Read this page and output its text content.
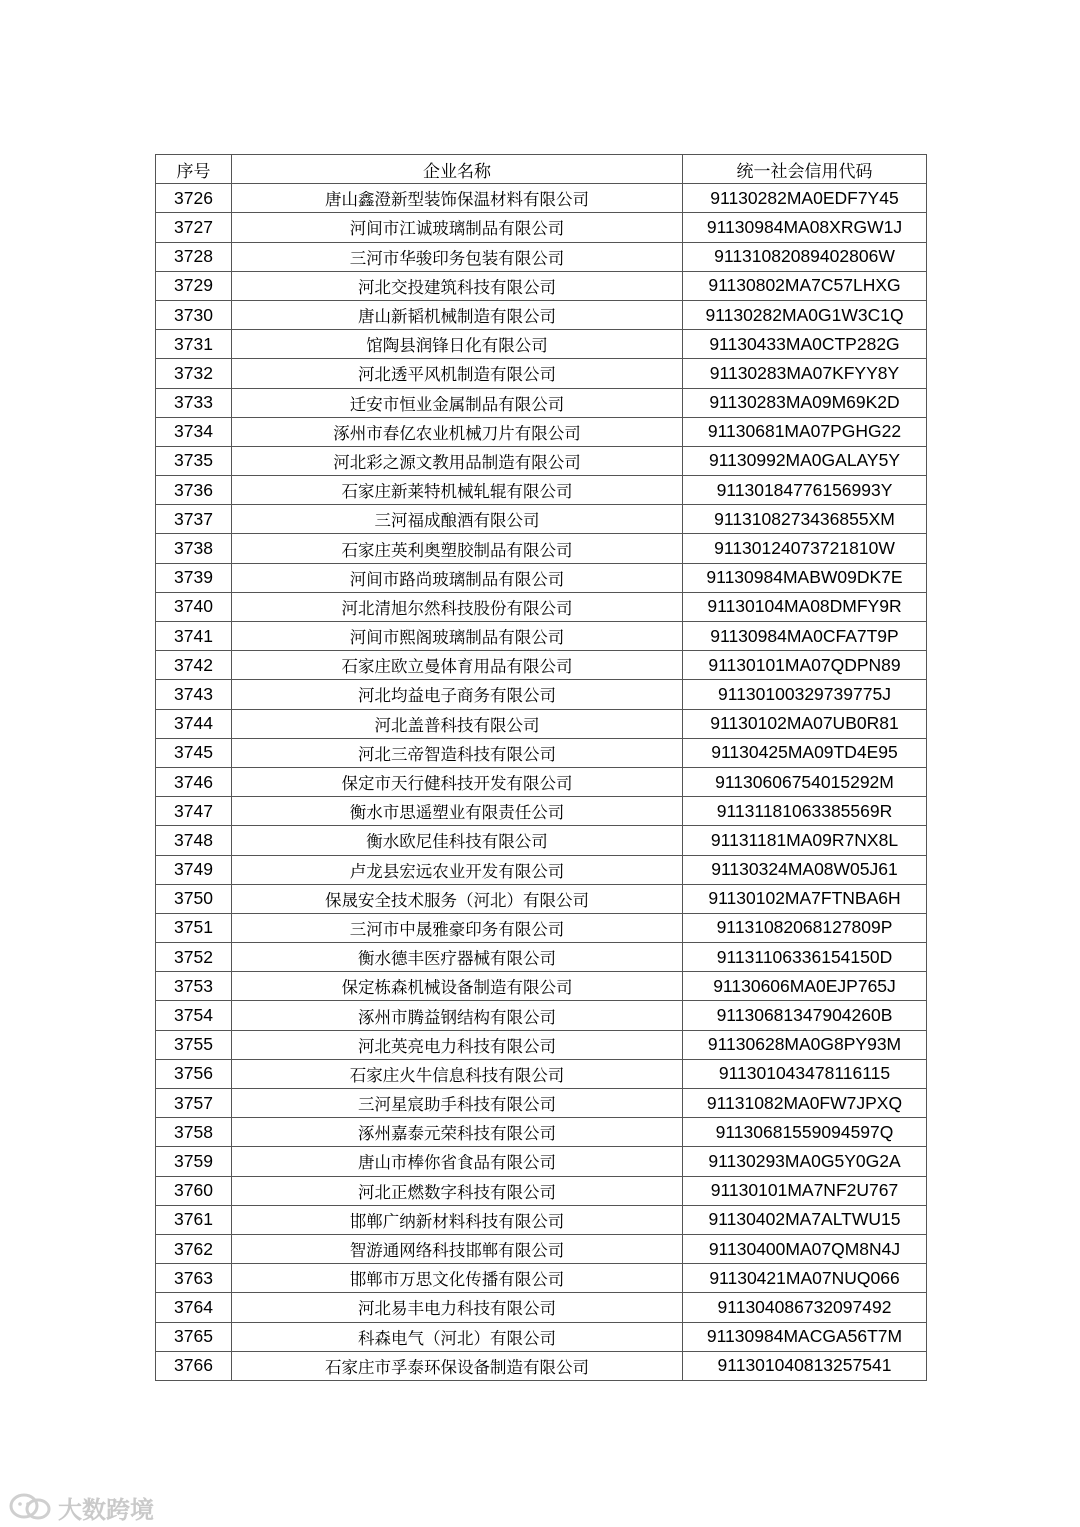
序号	企业名称	统一社会信用代码
3726	唐山鑫澄新型装饰保温材料有限公司	91130282MA0EDF7Y45
3727	河间市江诚玻璃制品有限公司	91130984MA08XRGW1J
3728	三河市华骏印务包装有限公司	91131082089402806W
3729	河北交投建筑科技有限公司	91130802MA7C57LHXG
3730	唐山新韬机械制造有限公司	91130282MA0G1W3C1Q
3731	馆陶县润锋日化有限公司	91130433MA0CTP282G
3732	河北透平风机制造有限公司	91130283MA07KFYY8Y
3733	迁安市恒业金属制品有限公司	91130283MA09M69K2D
3734	涿州市春亿农业机械刀片有限公司	91130681MA07PGHG22
3735	河北彩之源文教用品制造有限公司	91130992MA0GALAY5Y
3736	石家庄新莱特机械轧辊有限公司	91130184776156993Y
3737	三河福成酿酒有限公司	9113108273436855XM
3738	石家庄英利奥塑胶制品有限公司	91130124073721810W
3739	河间市路尚玻璃制品有限公司	91130984MABW09DK7E
3740	河北清旭尔然科技股份有限公司	91130104MA08DMFY9R
3741	河间市熙阁玻璃制品有限公司	91130984MA0CFA7T9P
3742	石家庄欧立曼体育用品有限公司	91130101MA07QDPN89
3743	河北均益电子商务有限公司	91130100329739775J
3744	河北盖普科技有限公司	91130102MA07UB0R81
3745	河北三帝智造科技有限公司	91130425MA09TD4E95
3746	保定市天行健科技开发有限公司	91130606754015292M
3747	衡水市思遥塑业有限责任公司	91131181063385569R
3748	衡水欧尼佳科技有限公司	91131181MA09R7NX8L
3749	卢龙县宏远农业开发有限公司	91130324MA08W05J61
3750	保晟安全技术服务（河北）有限公司	91130102MA7FTNBA6H
3751	三河市中晟雅豪印务有限公司	91131082068127809P
3752	衡水德丰医疗器械有限公司	91131106336154150D
3753	保定栋森机械设备制造有限公司	91130606MA0EJP765J
3754	涿州市腾益钢结构有限公司	91130681347904260B
3755	河北英亮电力科技有限公司	91130628MA0G8PY93M
3756	石家庄火牛信息科技有限公司	911301043478116115
3757	三河星宸助手科技有限公司	91131082MA0FW7JPXQ
3758	涿州嘉泰元荣科技有限公司	91130681559094597Q
3759	唐山市棒你省食品有限公司	91130293MA0G5Y0G2A
3760	河北正燃数字科技有限公司	91130101MA7NF2U767
3761	邯郸广纳新材料科技有限公司	91130402MA7ALTWU15
3762	智游通网络科技邯郸有限公司	91130400MA07QM8N4J
3763	邯郸市万思文化传播有限公司	91130421MA07NUQ066
3764	河北易丰电力科技有限公司	911304086732097492
3765	科森电气（河北）有限公司	91130984MACGA56T7M
3766	石家庄市孚泰环保设备制造有限公司	911301040813257541
大数跨境
